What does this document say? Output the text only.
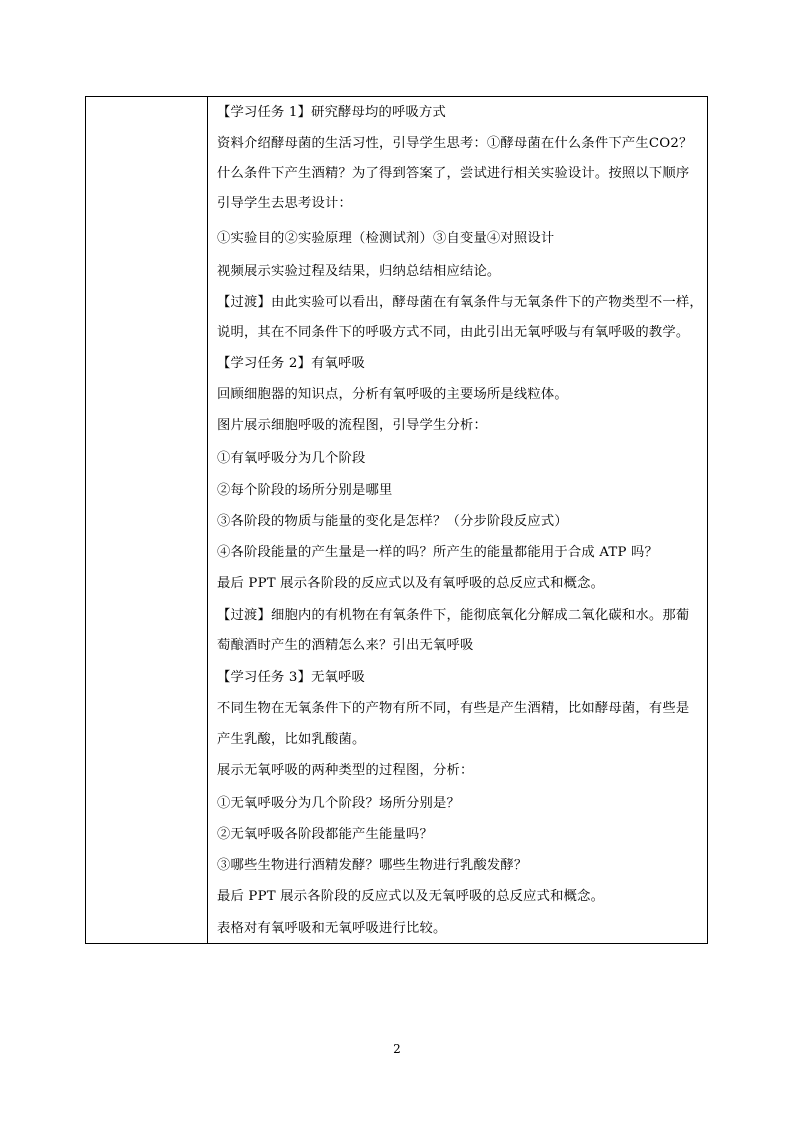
【学习任务 1】研究酵母均的呼吸方式
资料介绍酵母菌的生活习性，引导学生思考：①酵母菌在什么条件下产生CO2？
什么条件下产生酒精？为了得到答案了，尝试进行相关实验设计。按照以下顺序
引导学生去思考设计：
①实验目的②实验原理（检测试剂）③自变量④对照设计
视频展示实验过程及结果，归纳总结相应结论。
【过渡】由此实验可以看出，酵母菌在有氧条件与无氧条件下的产物类型不一样，
说明，其在不同条件下的呼吸方式不同，由此引出无氧呼吸与有氧呼吸的教学。
【学习任务 2】有氧呼吸
回顾细胞器的知识点，分析有氧呼吸的主要场所是线粒体。
图片展示细胞呼吸的流程图，引导学生分析：
①有氧呼吸分为几个阶段
②每个阶段的场所分别是哪里
③各阶段的物质与能量的变化是怎样？（分步阶段反应式）
④各阶段能量的产生量是一样的吗？所产生的能量都能用于合成 ATP 吗？
最后 PPT 展示各阶段的反应式以及有氧呼吸的总反应式和概念。
【过渡】细胞内的有机物在有氧条件下，能彻底氧化分解成二氧化碳和水。那葡
萄酿酒时产生的酒精怎么来？引出无氧呼吸
【学习任务 3】无氧呼吸
不同生物在无氧条件下的产物有所不同，有些是产生酒精，比如酵母菌，有些是
产生乳酸，比如乳酸菌。
展示无氧呼吸的两种类型的过程图，分析：
①无氧呼吸分为几个阶段？场所分别是？
②无氧呼吸各阶段都能产生能量吗？
③哪些生物进行酒精发酵？哪些生物进行乳酸发酵？
最后 PPT 展示各阶段的反应式以及无氧呼吸的总反应式和概念。
表格对有氧呼吸和无氧呼吸进行比较。
2
